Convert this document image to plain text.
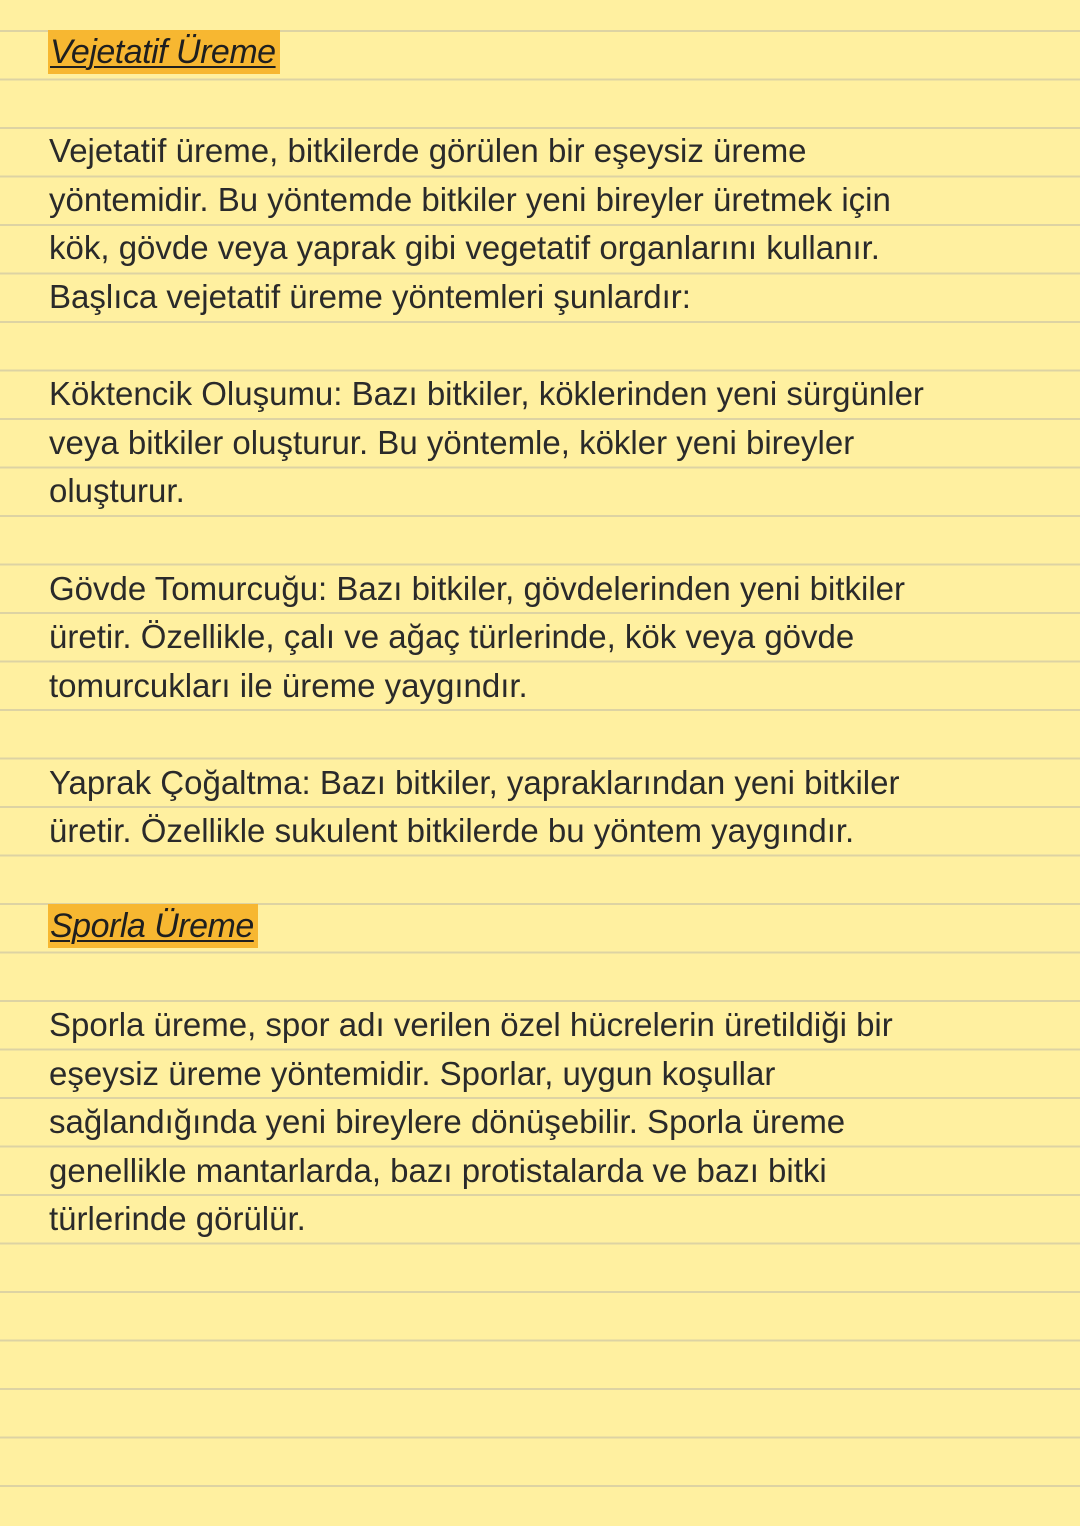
Vejetatif Üreme

Vejetatif üreme, bitkilerde görülen bir eşeysiz üreme

yöntemidir. Bu yöntemde bitkiler yeni bireyler üretmek için

kök, gövde veya yaprak gibi vegetatif organlarını kullanır.

Başlıca vejetatif üreme yöntemleri şunlardır:

Köktencik Oluşumu: Bazı bitkiler, köklerinden yeni sürgünler

veya bitkiler oluşturur. Bu yöntemle, kökler yeni bireyler

oluşturur.

Gövde Tomurcuğu: Bazı bitkiler, gövdelerinden yeni bitkiler

üretir. Özellikle, çalı ve ağaç türlerinde, kök veya gövde

tomurcukları ile üreme yaygındır.

Yaprak Çoğaltma: Bazı bitkiler, yapraklarından yeni bitkiler

üretir. Özellikle sukulent bitkilerde bu yöntem yaygındır.

Sporla Üreme

Sporla üreme, spor adı verilen özel hücrelerin üretildiği bir

eşeysiz üreme yöntemidir. Sporlar, uygun koşullar

sağlandığında yeni bireylere dönüşebilir. Sporla üreme

genellikle mantarlarda, bazı protistalarda ve bazı bitki

türlerinde görülür.
